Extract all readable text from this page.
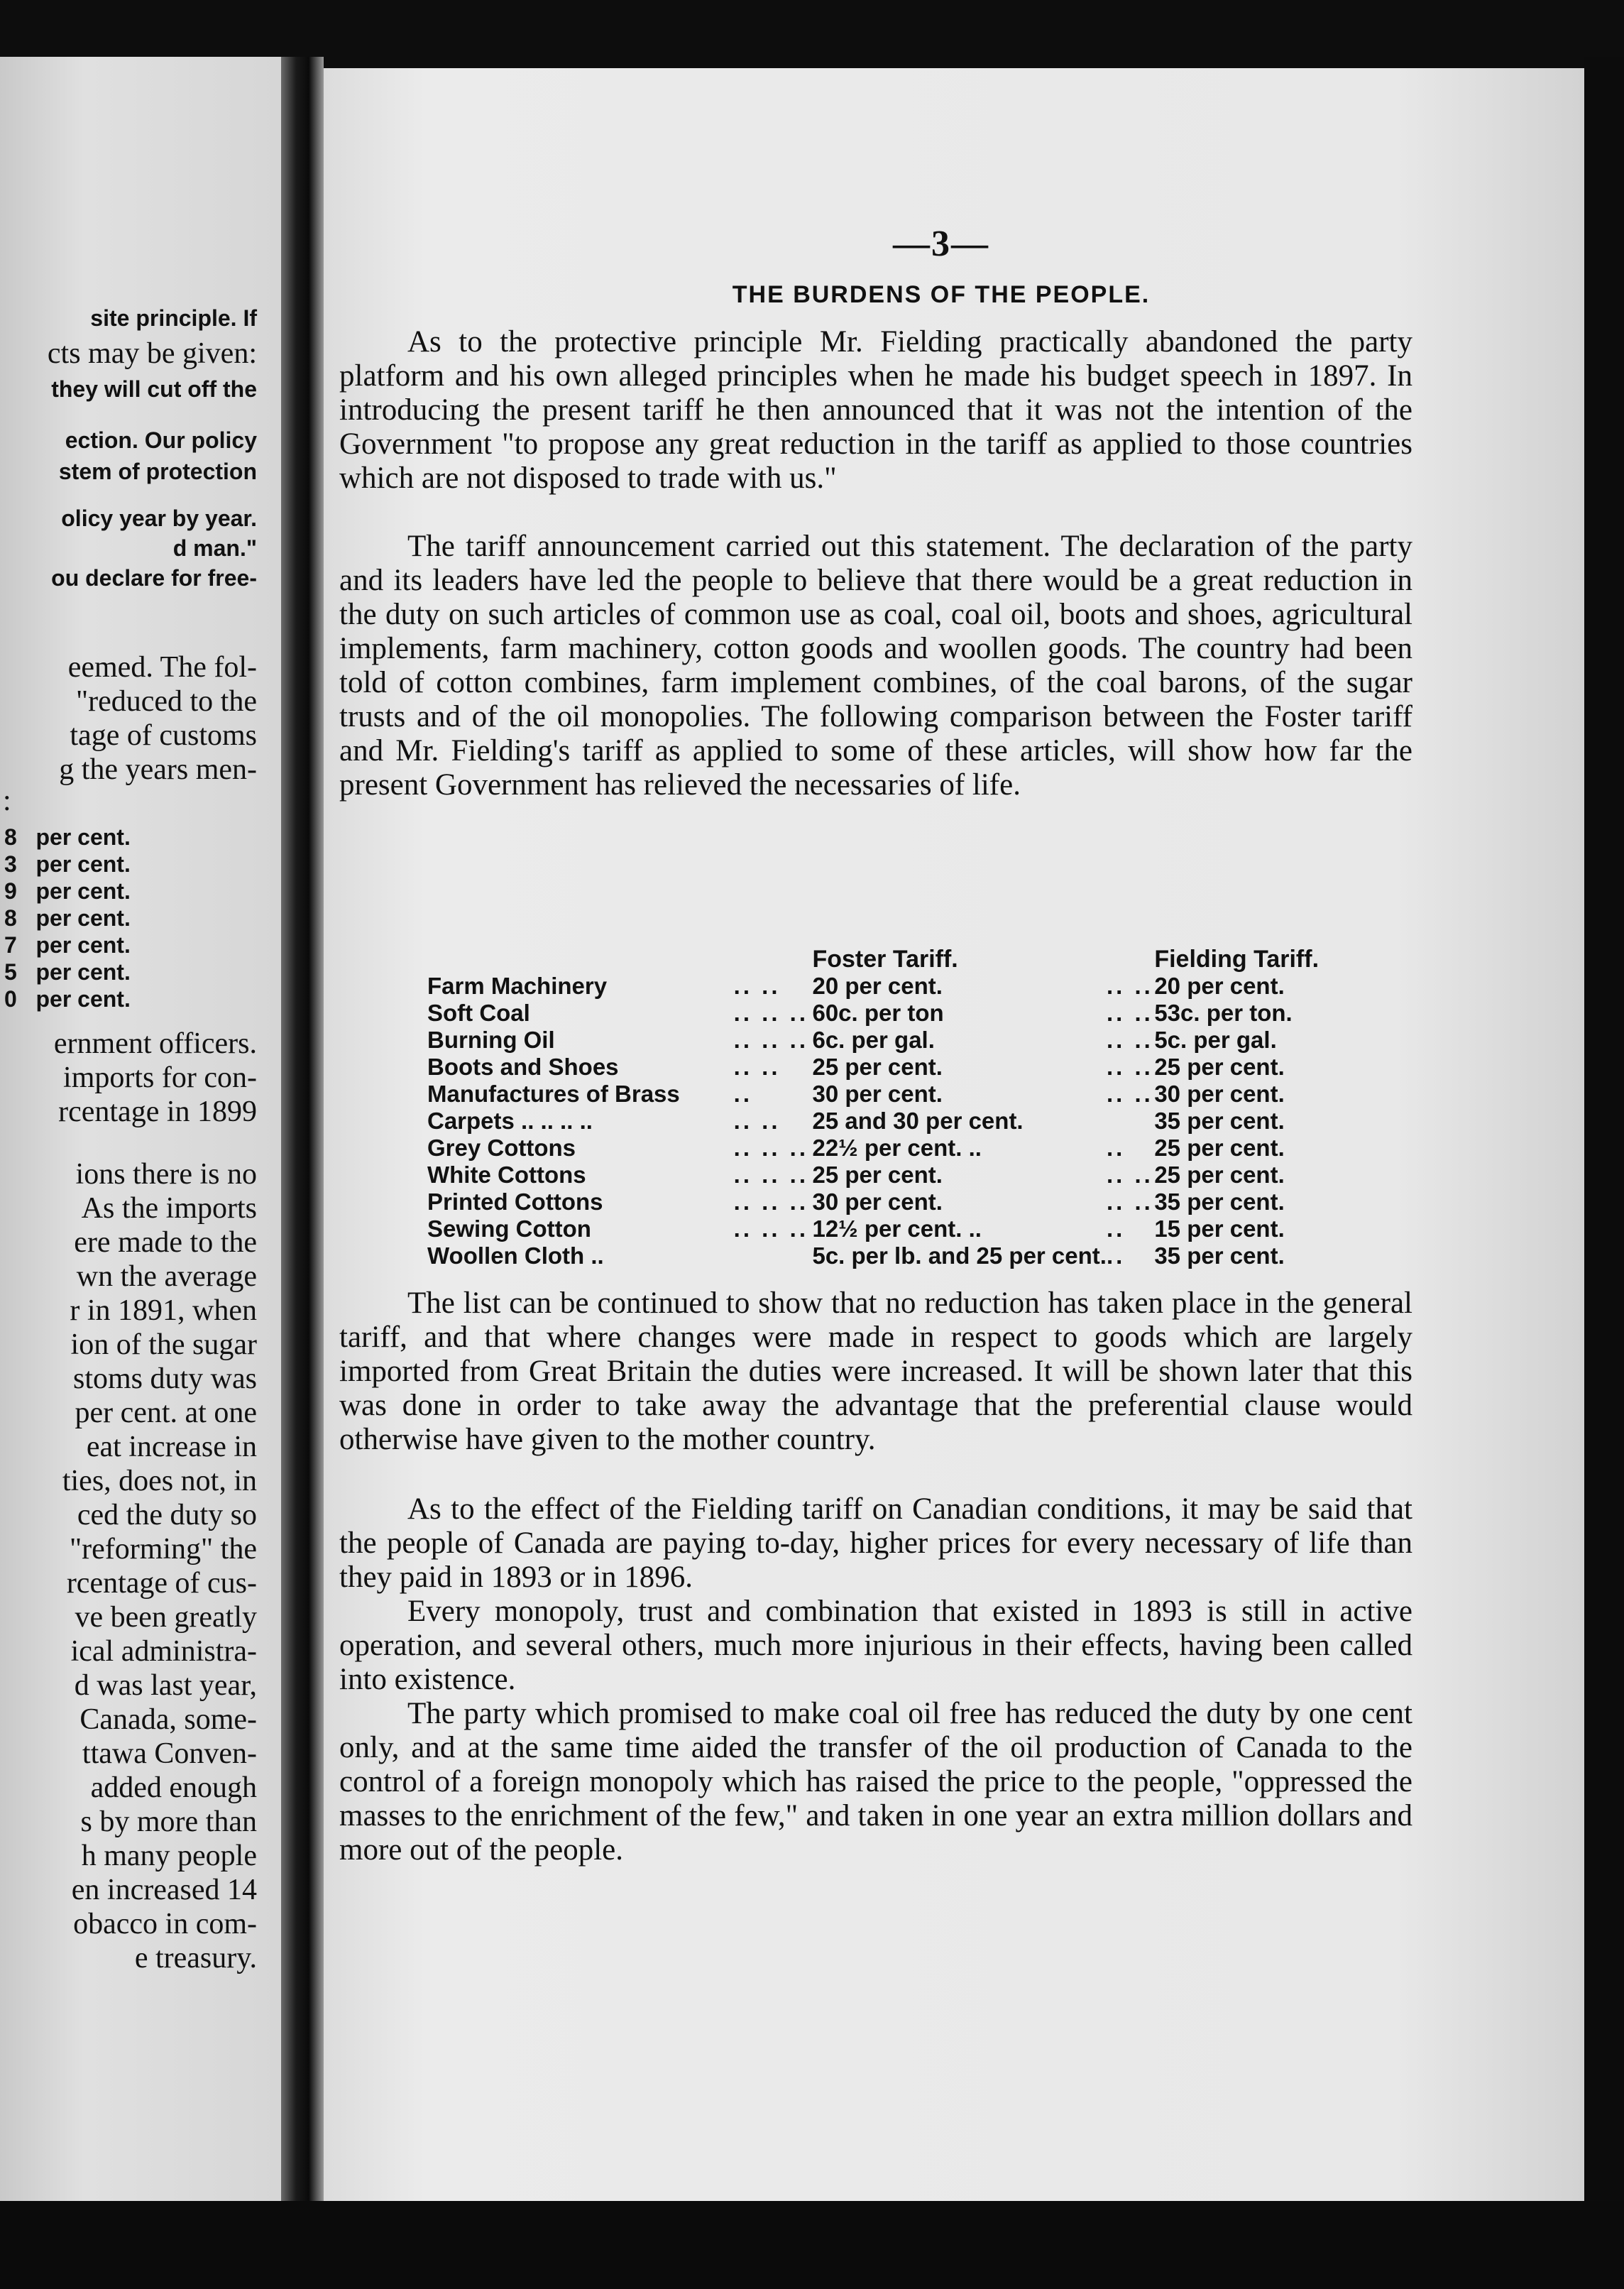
site principle. If
cts may be given:
they will cut off the
ection. Our policy
stem of protection
olicy year by year.
d man."
ou declare for free-
eemed. The fol-
"reduced to the
tage of customs
g the years men-
:
8 per cent.
3 per cent.
9 per cent.
8 per cent.
7 per cent.
5 per cent.
0 per cent.
ernment officers.
imports for con-
rcentage in 1899
ions there is no
As the imports
ere made to the
wn the average
r in 1891, when
ion of the sugar
stoms duty was
per cent. at one
eat increase in
ties, does not, in
ced the duty so
"reforming" the
rcentage of cus-
ve been greatly
ical administra-
d was last year,
Canada, some-
ttawa Conven-
added enough
s by more than
h many people
en increased 14
obacco in com-
e treasury.
—3—
THE BURDENS OF THE PEOPLE.

As to the protective principle Mr. Fielding practically abandoned the party platform and his own alleged principles when he made his budget speech in 1897. In introducing the present tariff he then announced that it was not the intention of the Government "to propose any great reduction in the tariff as applied to those countries which are not disposed to trade with us."

The tariff announcement carried out this statement. The declaration of the party and its leaders have led the people to believe that there would be a great reduction in the duty on such articles of common use as coal, coal oil, boots and shoes, agricultural implements, farm machinery, cotton goods and woollen goods. The country had been told of cotton combines, farm implement combines, of the coal barons, of the sugar trusts and of the oil monopolies. The following comparison between the Foster tariff and Mr. Fielding's tariff as applied to some of these articles, will show how far the present Government has relieved the necessaries of life.

		Foster Tariff.		Fielding Tariff.
Farm Machinery	.. ..	20 per cent.	.. ..	20 per cent.
Soft Coal	.. .. ..	60c. per ton	.. ..	53c. per ton.
Burning Oil	.. .. ..	6c. per gal.	.. ..	5c. per gal.
Boots and Shoes	.. ..	25 per cent.	.. ..	25 per cent.
Manufactures of Brass	..	30 per cent.	.. ..	30 per cent.
Carpets .. .. .. ..	.. ..	25 and 30 per cent.		35 per cent.
Grey Cottons	.. .. ..	22½ per cent. ..	..	25 per cent.
White Cottons	.. .. ..	25 per cent.	.. ..	25 per cent.
Printed Cottons	.. .. ..	30 per cent.	.. ..	35 per cent.
Sewing Cotton	.. .. ..	12½ per cent. ..	..	15 per cent.
Woollen Cloth ..		5c. per lb. and 25 per cent.	..	35 per cent.

The list can be continued to show that no reduction has taken place in the general tariff, and that where changes were made in respect to goods which are largely imported from Great Britain the duties were increased. It will be shown later that this was done in order to take away the advantage that the preferential clause would otherwise have given to the mother country.

As to the effect of the Fielding tariff on Canadian conditions, it may be said that the people of Canada are paying to-day, higher prices for every necessary of life than they paid in 1893 or in 1896.

Every monopoly, trust and combination that existed in 1893 is still in active operation, and several others, much more injurious in their effects, having been called into existence.

The party which promised to make coal oil free has reduced the duty by one cent only, and at the same time aided the transfer of the oil production of Canada to the control of a foreign monopoly which has raised the price to the people, "oppressed the masses to the enrichment of the few," and taken in one year an extra million dollars and more out of the people.
